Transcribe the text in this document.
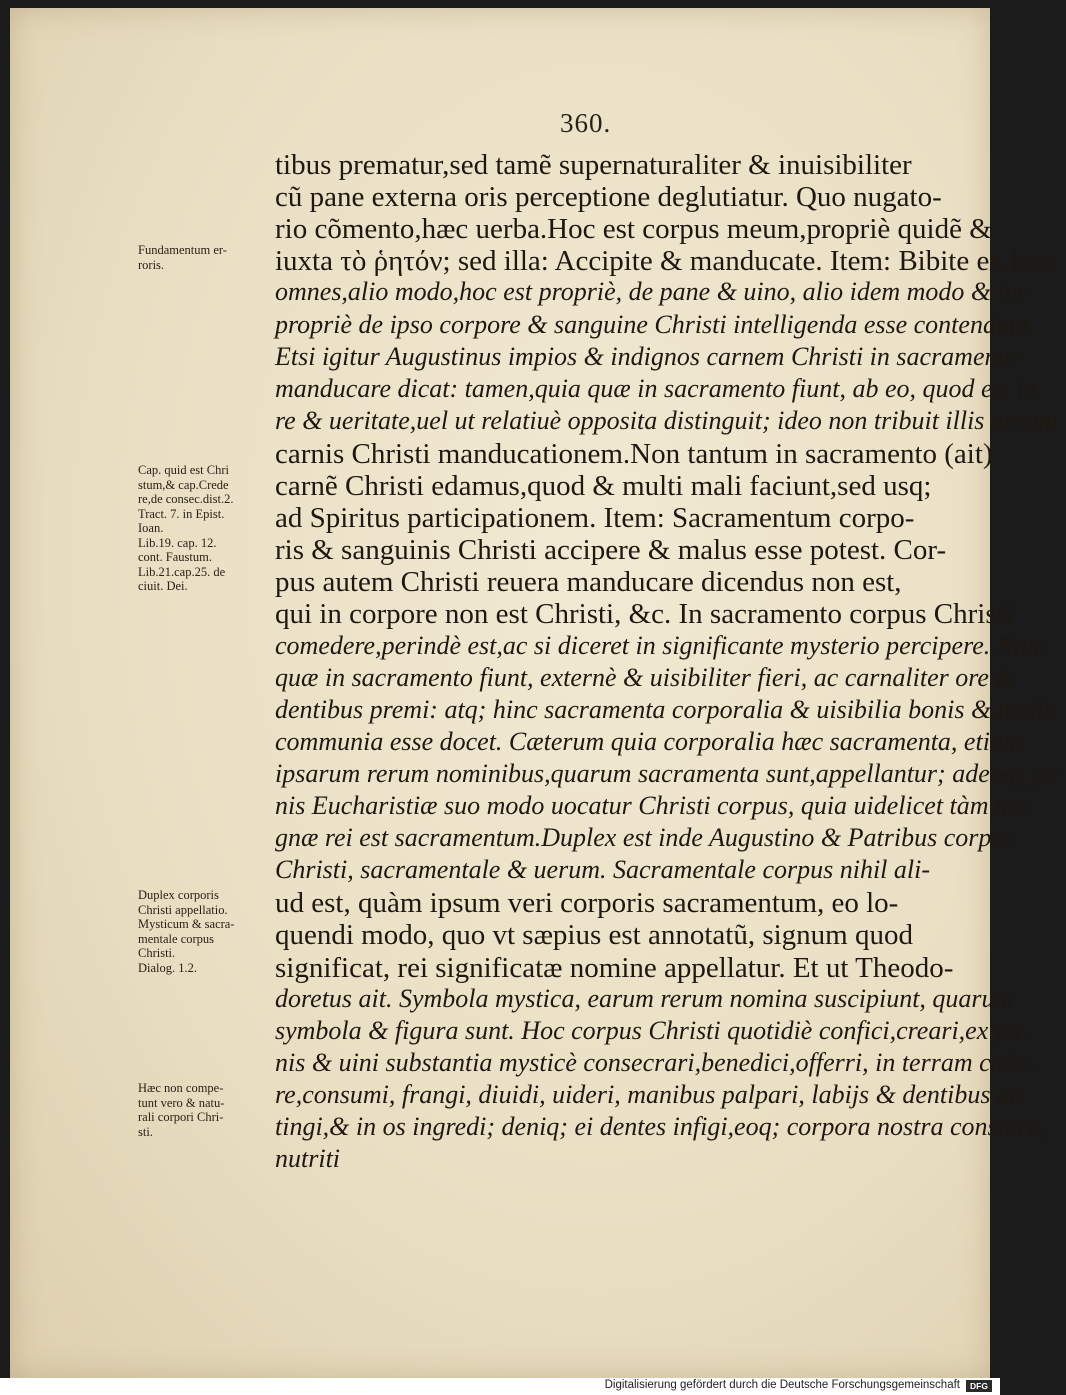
360.
tibus prematur,sed tamẽ supernaturaliter & inuisibiliter
cũ pane externa oris perceptione deglutiatur. Quo nugato-
rio cõmento,hæc uerba.Hoc est corpus meum,propriè quidẽ &
iuxta τὸ ῥητόν; sed illa: Accipite & manducate. Item: Bibite ex hoc
omnes,alio modo,hoc est propriè, de pane & uino, alio idem modo & im-
propriè de ipso corpore & sanguine Christi intelligenda esse contendunt.
Etsi igitur Augustinus impios & indignos carnem Christi in sacramento
manducare dicat: tamen,quia quæ in sacramento fiunt, ab eo, quod est in
re & ueritate,uel ut relatiuè opposita distinguit; ideo non tribuit illis ueram
carnis Christi manducationem.Non tantum in sacramento (ait)
carnẽ Christi edamus,quod & multi mali faciunt,sed usq;
ad Spiritus participationem. Item: Sacramentum corpo-
ris & sanguinis Christi accipere & malus esse potest. Cor-
pus autem Christi reuera manducare dicendus non est,
qui in corpore non est Christi, &c. In sacramento corpus Christi
comedere,perindè est,ac si diceret in significante mysterio percipere. Nam
quæ in sacramento fiunt, externè & uisibiliter fieri, ac carnaliter ore &
dentibus premi: atq; hinc sacramenta corporalia & uisibilia bonis & malis
communia esse docet. Cæterum quia corporalia hæc sacramenta, etiam
ipsarum rerum nominibus,quarum sacramenta sunt,appellantur; adeoq; pa-
nis Eucharistiæ suo modo uocatur Christi corpus, quia uidelicet tàm ma-
gnæ rei est sacramentum.Duplex est inde Augustino & Patribus corpus
Christi, sacramentale & uerum. Sacramentale corpus nihil ali-
ud est, quàm ipsum veri corporis sacramentum, eo lo-
quendi modo, quo vt sæpius est annotatũ, signum quod
significat, rei significatæ nomine appellatur. Et ut Theodo-
doretus ait. Symbola mystica, earum rerum nomina suscipiunt, quarum
symbola & figura sunt. Hoc corpus Christi quotidiè confici,creari,ex pa-
nis & uini substantia mysticè consecrari,benedici,offerri, in terram cade-
re,consumi, frangi, diuidi, uideri, manibus palpari, labijs & dentibus at-
tingi,& in os ingredi; deniq; ei dentes infigi,eoq; corpora nostra constare,
nutriti
Fundamentum er-
roris.
Cap. quid est Chri
stum,& cap.Crede
re,de consec.dist.2.
Tract. 7. in Epist.
Ioan.
Lib.19. cap. 12.
cont. Faustum.
Lib.21.cap.25. de
ciuit. Dei.
Duplex corporis
Christi appellatio.
Mysticum & sacra-
mentale corpus
Christi.
Dialog. 1.2.
Hæc non compe-
tunt vero & natu-
rali corpori Chri-
sti.
Digitalisierung gefördert durch die Deutsche Forschungsgemeinschaft	DFG
